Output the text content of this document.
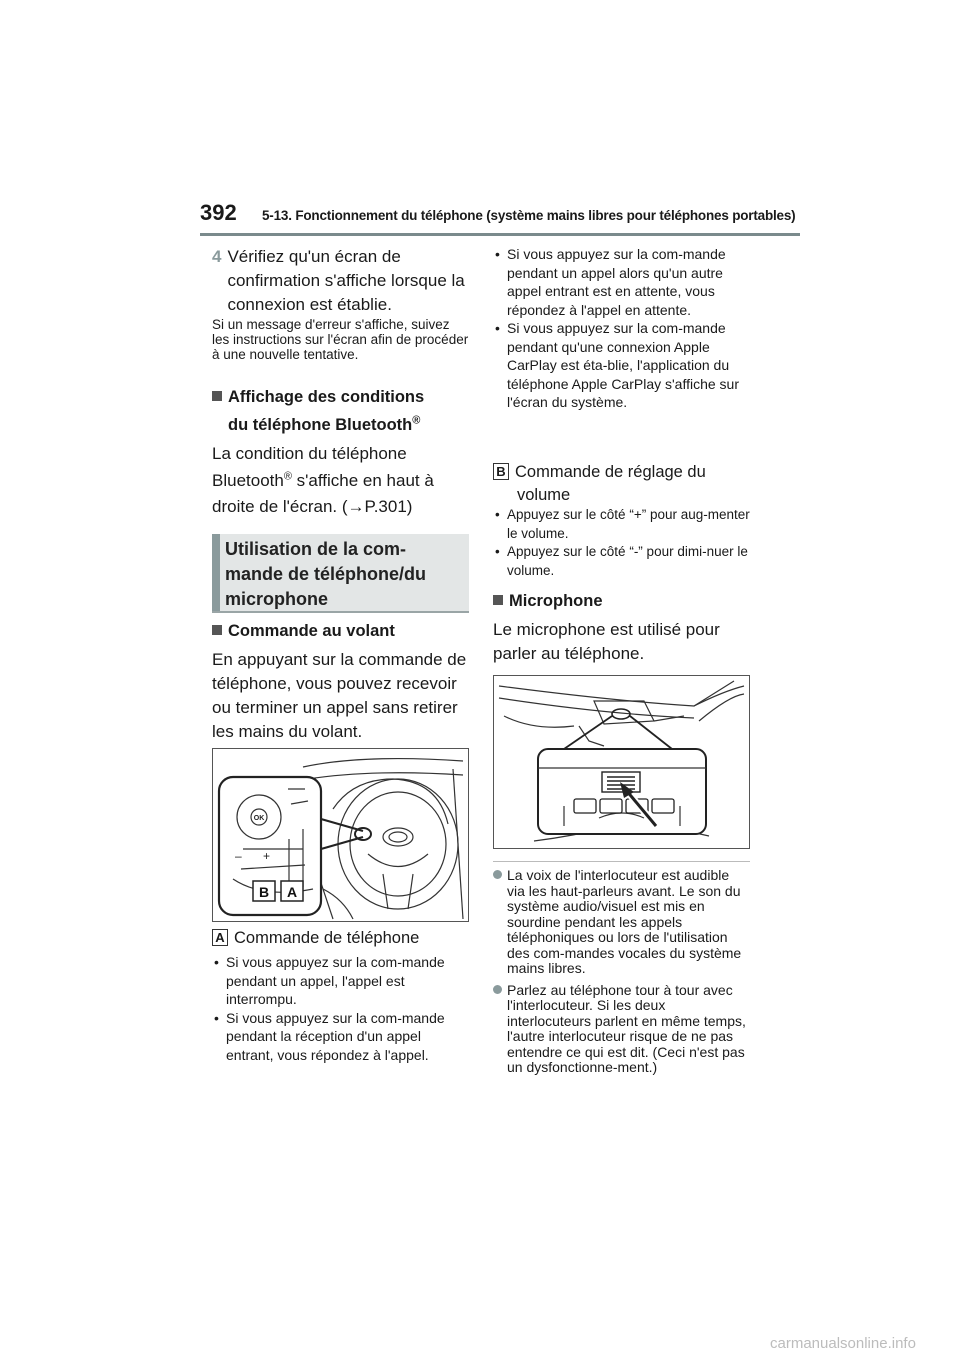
392 5-13. Fonctionnement du téléphone (système mains libres pour téléphones portables)
4 Vérifiez qu'un écran de confirmation s'affiche lorsque la connexion est établie.
Si un message d'erreur s'affiche, suivez les instructions sur l'écran afin de procéder à une nouvelle tentative.
Affichage des conditions
du téléphone Bluetooth®
La condition du téléphone
Bluetooth® s'affiche en haut à
droite de l'écran. (→P.301)
Utilisation de la com-mande de téléphone/du microphone
Commande au volant
En appuyant sur la commande de téléphone, vous pouvez recevoir ou terminer un appel sans retirer les mains du volant.
OK
– +
B A
A Commande de téléphone
• Si vous appuyez sur la com-mande pendant un appel, l'appel est interrompu.
• Si vous appuyez sur la com-mande pendant la réception d'un appel entrant, vous répondez à l'appel.
• Si vous appuyez sur la com-mande pendant un appel alors qu'un autre appel entrant est en attente, vous répondez à l'appel en attente.
• Si vous appuyez sur la com-mande pendant qu'une connexion Apple CarPlay est éta-blie, l'application du téléphone Apple CarPlay s'affiche sur l'écran du système.
B Commande de réglage du volume
• Appuyez sur le côté “+” pour aug-menter le volume.
• Appuyez sur le côté “-” pour dimi-nuer le volume.
Microphone
Le microphone est utilisé pour parler au téléphone.
La voix de l'interlocuteur est audible via les haut-parleurs avant. Le son du système audio/visuel est mis en sourdine pendant les appels téléphoniques ou lors de l'utilisation des com-mandes vocales du système mains libres.
Parlez au téléphone tour à tour avec l'interlocuteur. Si les deux interlocuteurs parlent en même temps, l'autre interlocuteur risque de ne pas entendre ce qui est dit. (Ceci n'est pas un dysfonctionne-ment.)
carmanualsonline.info
